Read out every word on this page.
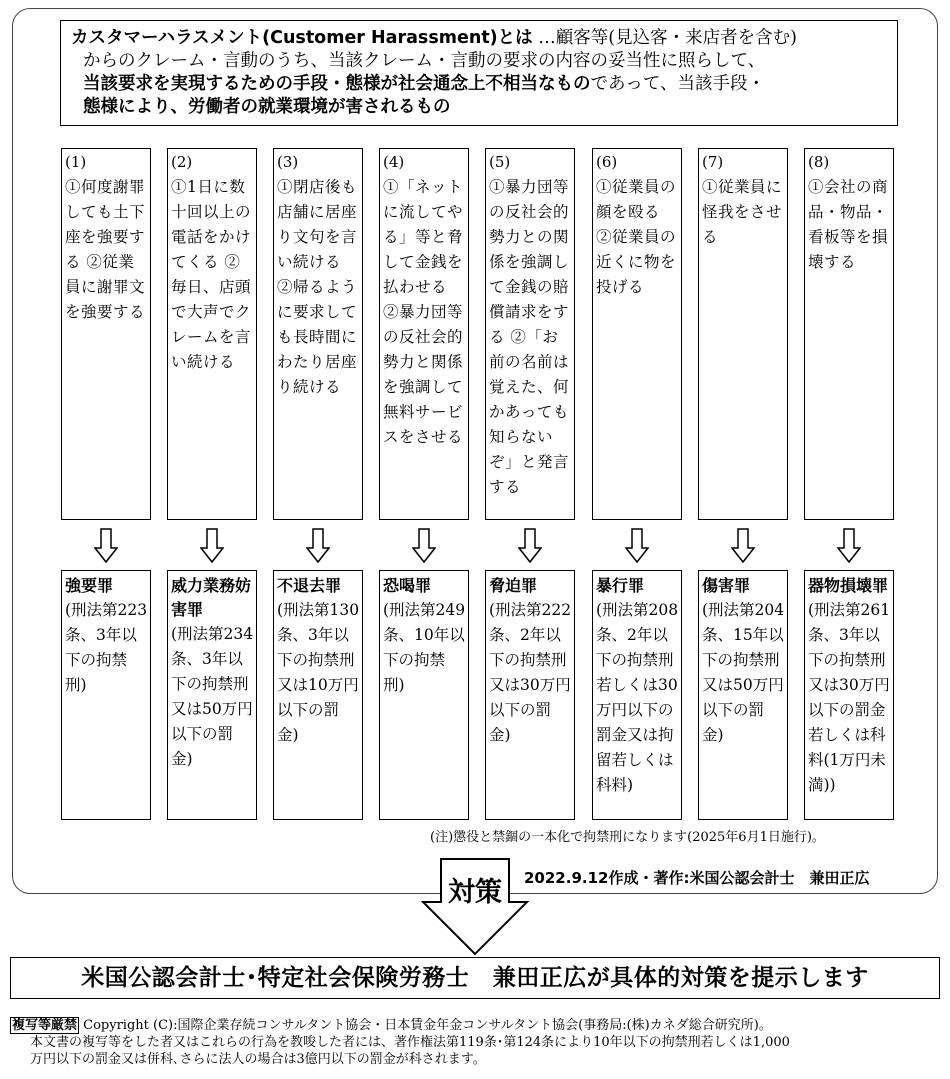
カスタマーハラスメント(Customer Harassment)とは …顧客等(見込客・来店者を含む)
からのクレーム・言動のうち、当該クレーム・言動の要求の内容の妥当性に照らして、
当該要求を実現するための手段・態様が社会通念上不相当なものであって、当該手段・
態様により、労働者の就業環境が害されるもの
(1)
①何度謝罪しても土下座を強要する ②従業員に謝罪文を強要する
強要罪
(刑法第223条、3年以下の拘禁刑)
(2)
①1日に数十回以上の電話をかけてくる ②毎日、店頭で大声でクレームを言い続ける
威力業務妨害罪
(刑法第234条、3年以下の拘禁刑又は50万円以下の罰金)
(3)
①閉店後も店舗に居座り文句を言い続ける ②帰るように要求しても長時間にわたり居座り続ける
不退去罪
(刑法第130条、3年以下の拘禁刑又は10万円以下の罰金)
(4)
①「ネットに流してやる」等と脅して金銭を払わせる ②暴力団等の反社会的勢力と関係を強調して無料サービスをさせる
恐喝罪
(刑法第249条、10年以下の拘禁刑)
(5)
①暴力団等の反社会的勢力との関係を強調して金銭の賠償請求をする ②「お前の名前は覚えた、何かあっても知らないぞ」と発言する
脅迫罪
(刑法第222条、2年以下の拘禁刑又は30万円以下の罰金)
(6)
①従業員の顔を殴る ②従業員の近くに物を投げる
暴行罪
(刑法第208条、2年以下の拘禁刑若しくは30万円以下の罰金又は拘留若しくは科料)
(7)
①従業員に怪我をさせる
傷害罪
(刑法第204条、15年以下の拘禁刑又は50万円以下の罰金)
(8)
①会社の商品・物品・看板等を損壊する
器物損壊罪
(刑法第261条、3年以下の拘禁刑又は30万円以下の罰金若しくは科料(1万円未満))
(注)懲役と禁錮の一本化で拘禁刑になります(2025年6月1日施行)。
2022.9.12作成・著作:米国公認会計士　兼田正広
対策
米国公認会計士･特定社会保険労務士　兼田正広が具体的対策を提示します
複写等厳禁 Copyright (C):国際企業存続コンサルタント協会・日本賃金年金コンサルタント協会(事務局:(株)カネダ総合研究所)。
本文書の複写等をした者又はこれらの行為を教唆した者には、著作権法第119条･第124条により10年以下の拘禁刑若しくは1,000
万円以下の罰金又は併科､さらに法人の場合は3億円以下の罰金が科されます。
